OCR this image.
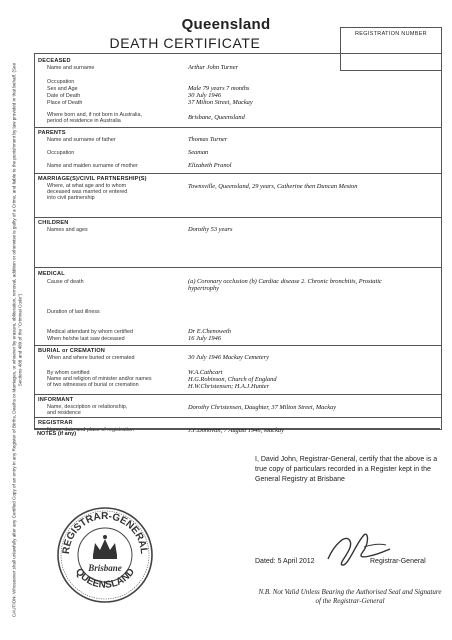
Queensland
DEATH CERTIFICATE
REGISTRATION NUMBER
CAUTION: Whosoever shall unlawfully alter any Certified Copy of an entry in any Register of Births, Deaths or Marriages, or whoever by erasure, obliteration, removal, addition or otherwise is guilty of a Crime, and liable to the punishment by law provided in that behalf. (See Sections 488 and 489 of the "Criminal Code")
DECEASED
Name and surname	Arthur John Turner
Occupation
Sex and Age	Male 79 years 7 months
Date of Death	30 July 1946
Place of Death	37 Milton Street, Mackay
Where born and, if not born in Australia,
period of residence in Australia	Brisbane, Queensland
PARENTS
Name and surname of father	Thomas Turner
Occupation	Seaman
Name and maiden surname of mother	Elizabeth Pranol
MARRIAGE(S)/CIVIL PARTNERSHIP(S)
Where, at what age and to whom
deceased was married or entered
into civil partnership
Townsville, Queensland, 29 years, Catherine then Duncan Meston
CHILDREN
Names and ages	Dorothy 53 years
MEDICAL
Cause of death	(a) Coronary occlusion (b) Cardiac disease 2. Chronic bronchitis, Prostatic
hypertrophy
Duration of last illness
Medical attendant by whom certified	Dr E.Chenoweth
When he/she last saw deceased	16 July 1946
BURIAL or CREMATION
When and where buried or cremated	30 July 1946 Mackay Cemetery
By whom certified	W.A.Cathcart
Name and religion of minister and/or names
of two witnesses of burial or cremation
H.G.Robinson, Church of England
H.W.Christensen; H.A.J.Hunter
INFORMANT
Name, description or relationship,
and residence
Dorothy Christensen, Daughter, 37 Milton Street, Mackay
REGISTRAR
Name, date and place of registration	J.F.Donovan, 7 August 1946, Mackay
NOTES (if any)
I, David John, Registrar-General, certify that the above is a true copy of particulars recorded in a Register kept in the General Registry at Brisbane
REGISTRAR-GENERAL
QUEENSLAND
Brisbane
Dated: 5 April 2012	Registrar-General
N.B. Not Valid Unless Bearing the Authorised Seal and Signature of the Registrar-General
